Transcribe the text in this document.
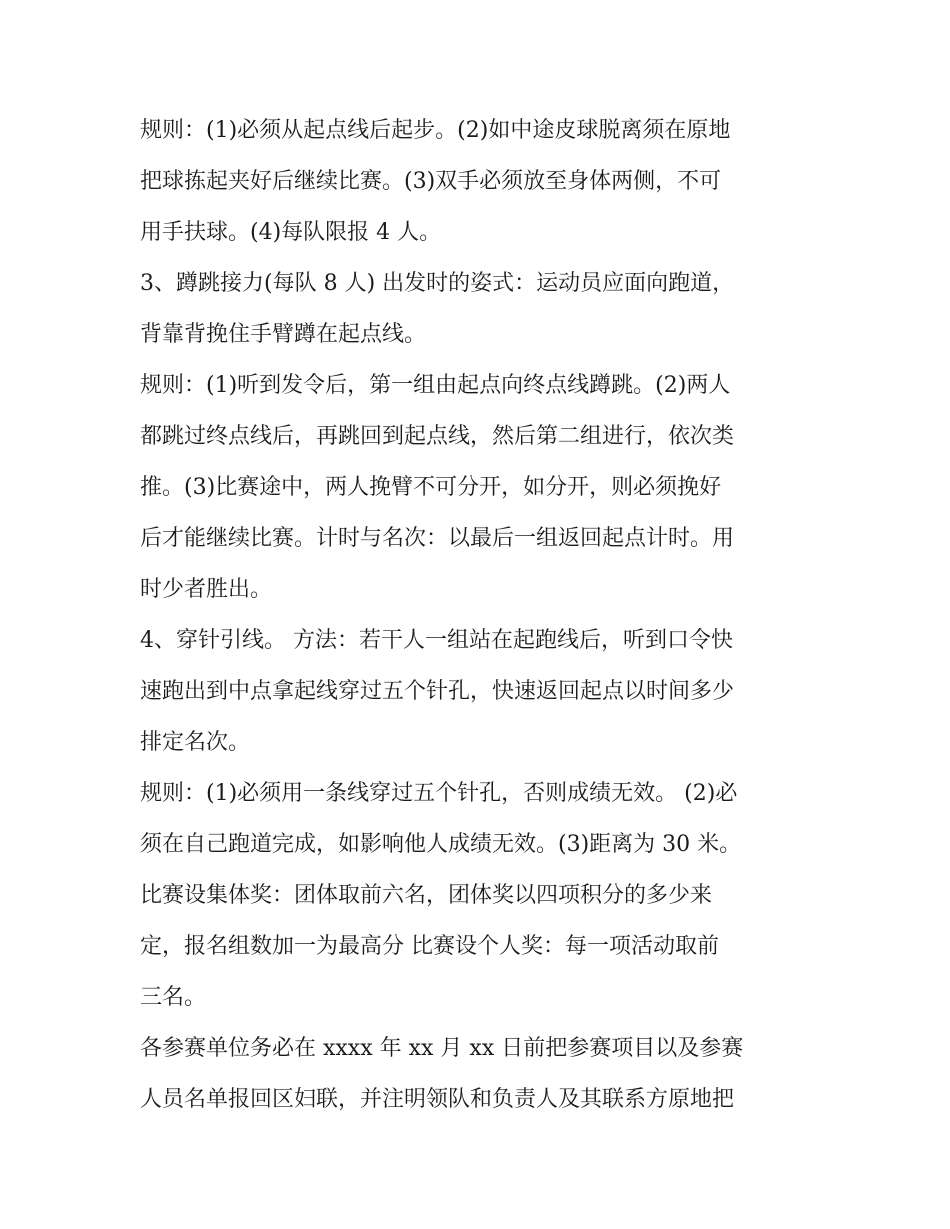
规则：(1)必须从起点线后起步。(2)如中途皮球脱离须在原地
把球拣起夹好后继续比赛。(3)双手必须放至身体两侧，不可
用手扶球。(4)每队限报 4 人。
3、蹲跳接力(每队 8 人) 出发时的姿式：运动员应面向跑道，
背靠背挽住手臂蹲在起点线。
规则：(1)听到发令后，第一组由起点向终点线蹲跳。(2)两人
都跳过终点线后，再跳回到起点线，然后第二组进行，依次类
推。(3)比赛途中，两人挽臂不可分开，如分开，则必须挽好
后才能继续比赛。计时与名次：以最后一组返回起点计时。用
时少者胜出。
4、穿针引线。 方法：若干人一组站在起跑线后，听到口令快
速跑出到中点拿起线穿过五个针孔，快速返回起点以时间多少
排定名次。
规则：(1)必须用一条线穿过五个针孔，否则成绩无效。 (2)必
须在自己跑道完成，如影响他人成绩无效。(3)距离为 30 米。
比赛设集体奖：团体取前六名，团体奖以四项积分的多少来
定，报名组数加一为最高分 比赛设个人奖：每一项活动取前
三名。
各参赛单位务必在 xxxx 年 xx 月 xx 日前把参赛项目以及参赛
人员名单报回区妇联，并注明领队和负责人及其联系方原地把
